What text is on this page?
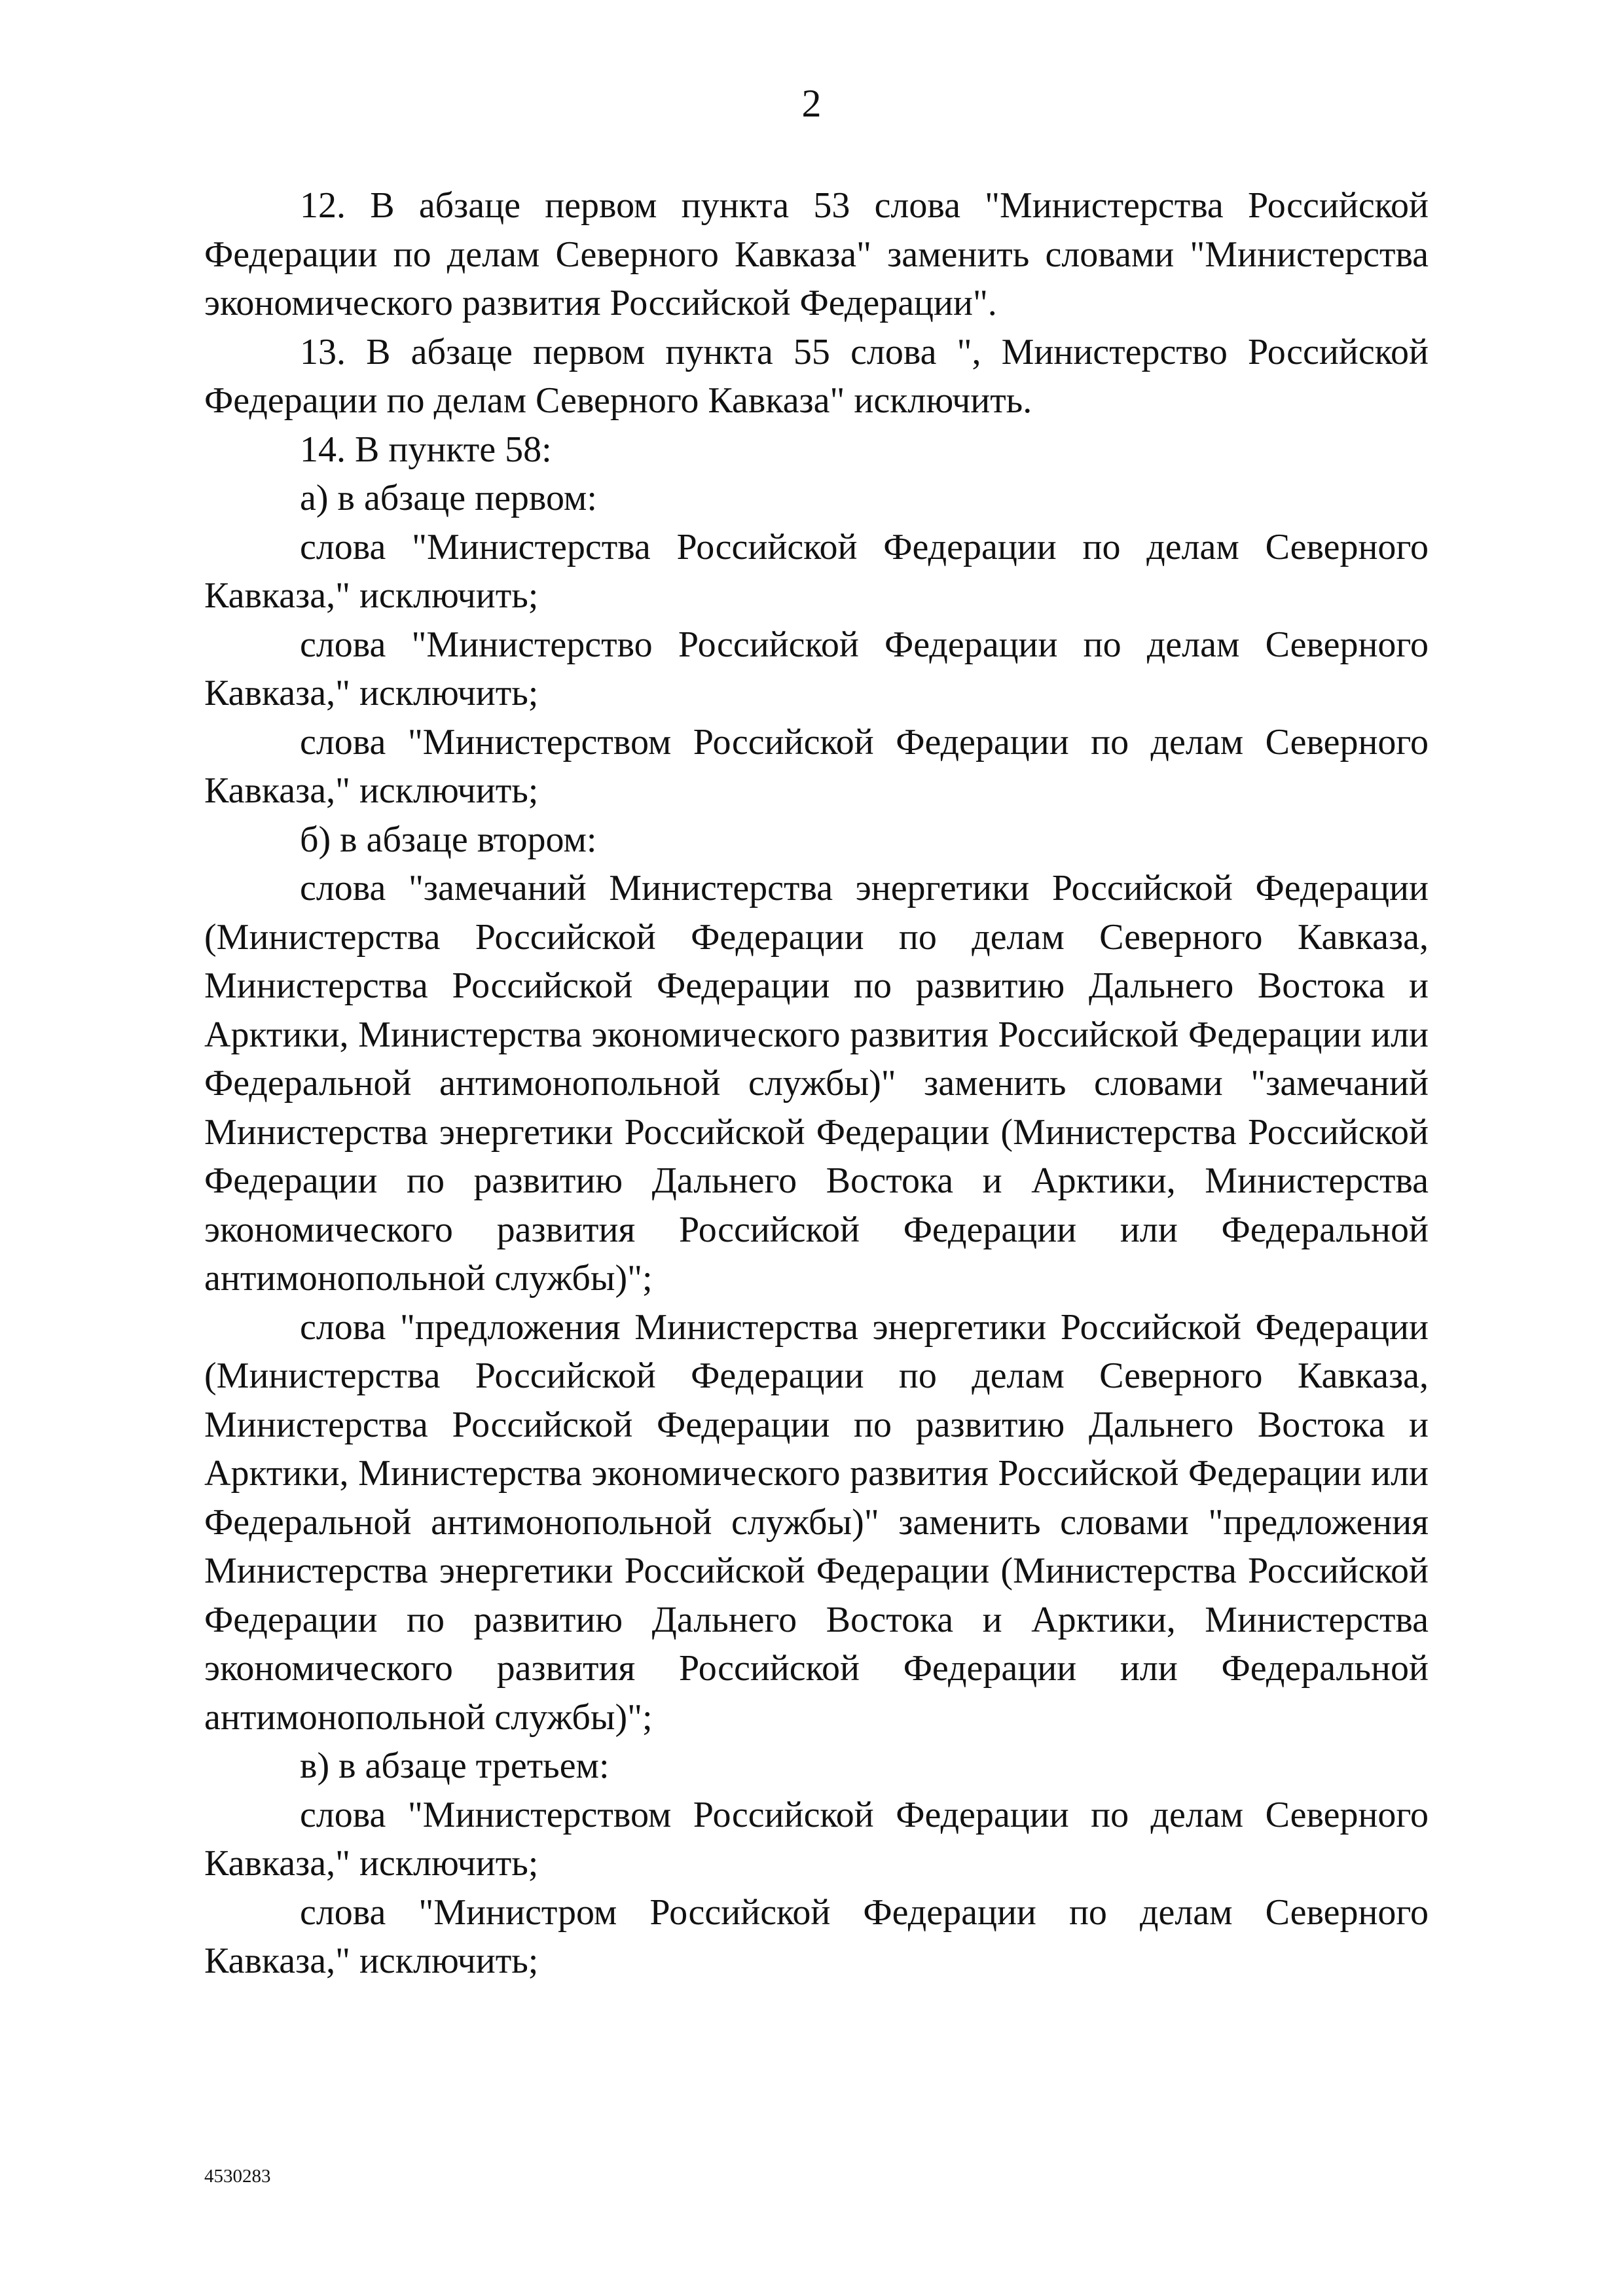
2

12. В абзаце первом пункта 53 слова "Министерства Российской Федерации по делам Северного Кавказа" заменить словами "Министерства экономического развития Российской Федерации".

13. В абзаце первом пункта 55 слова ", Министерство Российской Федерации по делам Северного Кавказа" исключить.

14. В пункте 58:

а) в абзаце первом:

слова "Министерства Российской Федерации по делам Северного Кавказа," исключить;

слова "Министерство Российской Федерации по делам Северного Кавказа," исключить;

слова "Министерством Российской Федерации по делам Северного Кавказа," исключить;

б) в абзаце втором:

слова "замечаний Министерства энергетики Российской Федерации (Министерства Российской Федерации по делам Северного Кавказа, Министерства Российской Федерации по развитию Дальнего Востока и Арктики, Министерства экономического развития Российской Федерации или Федеральной антимонопольной службы)" заменить словами "замечаний Министерства энергетики Российской Федерации (Министерства Российской Федерации по развитию Дальнего Востока и Арктики, Министерства экономического развития Российской Федерации или Федеральной антимонопольной службы)";

слова "предложения Министерства энергетики Российской Федерации (Министерства Российской Федерации по делам Северного Кавказа, Министерства Российской Федерации по развитию Дальнего Востока и Арктики, Министерства экономического развития Российской Федерации или Федеральной антимонопольной службы)" заменить словами "предложения Министерства энергетики Российской Федерации (Министерства Российской Федерации по развитию Дальнего Востока и Арктики, Министерства экономического развития Российской Федерации или Федеральной антимонопольной службы)";

в) в абзаце третьем:

слова "Министерством Российской Федерации по делам Северного Кавказа," исключить;

слова "Министром Российской Федерации по делам Северного Кавказа," исключить;

4530283
